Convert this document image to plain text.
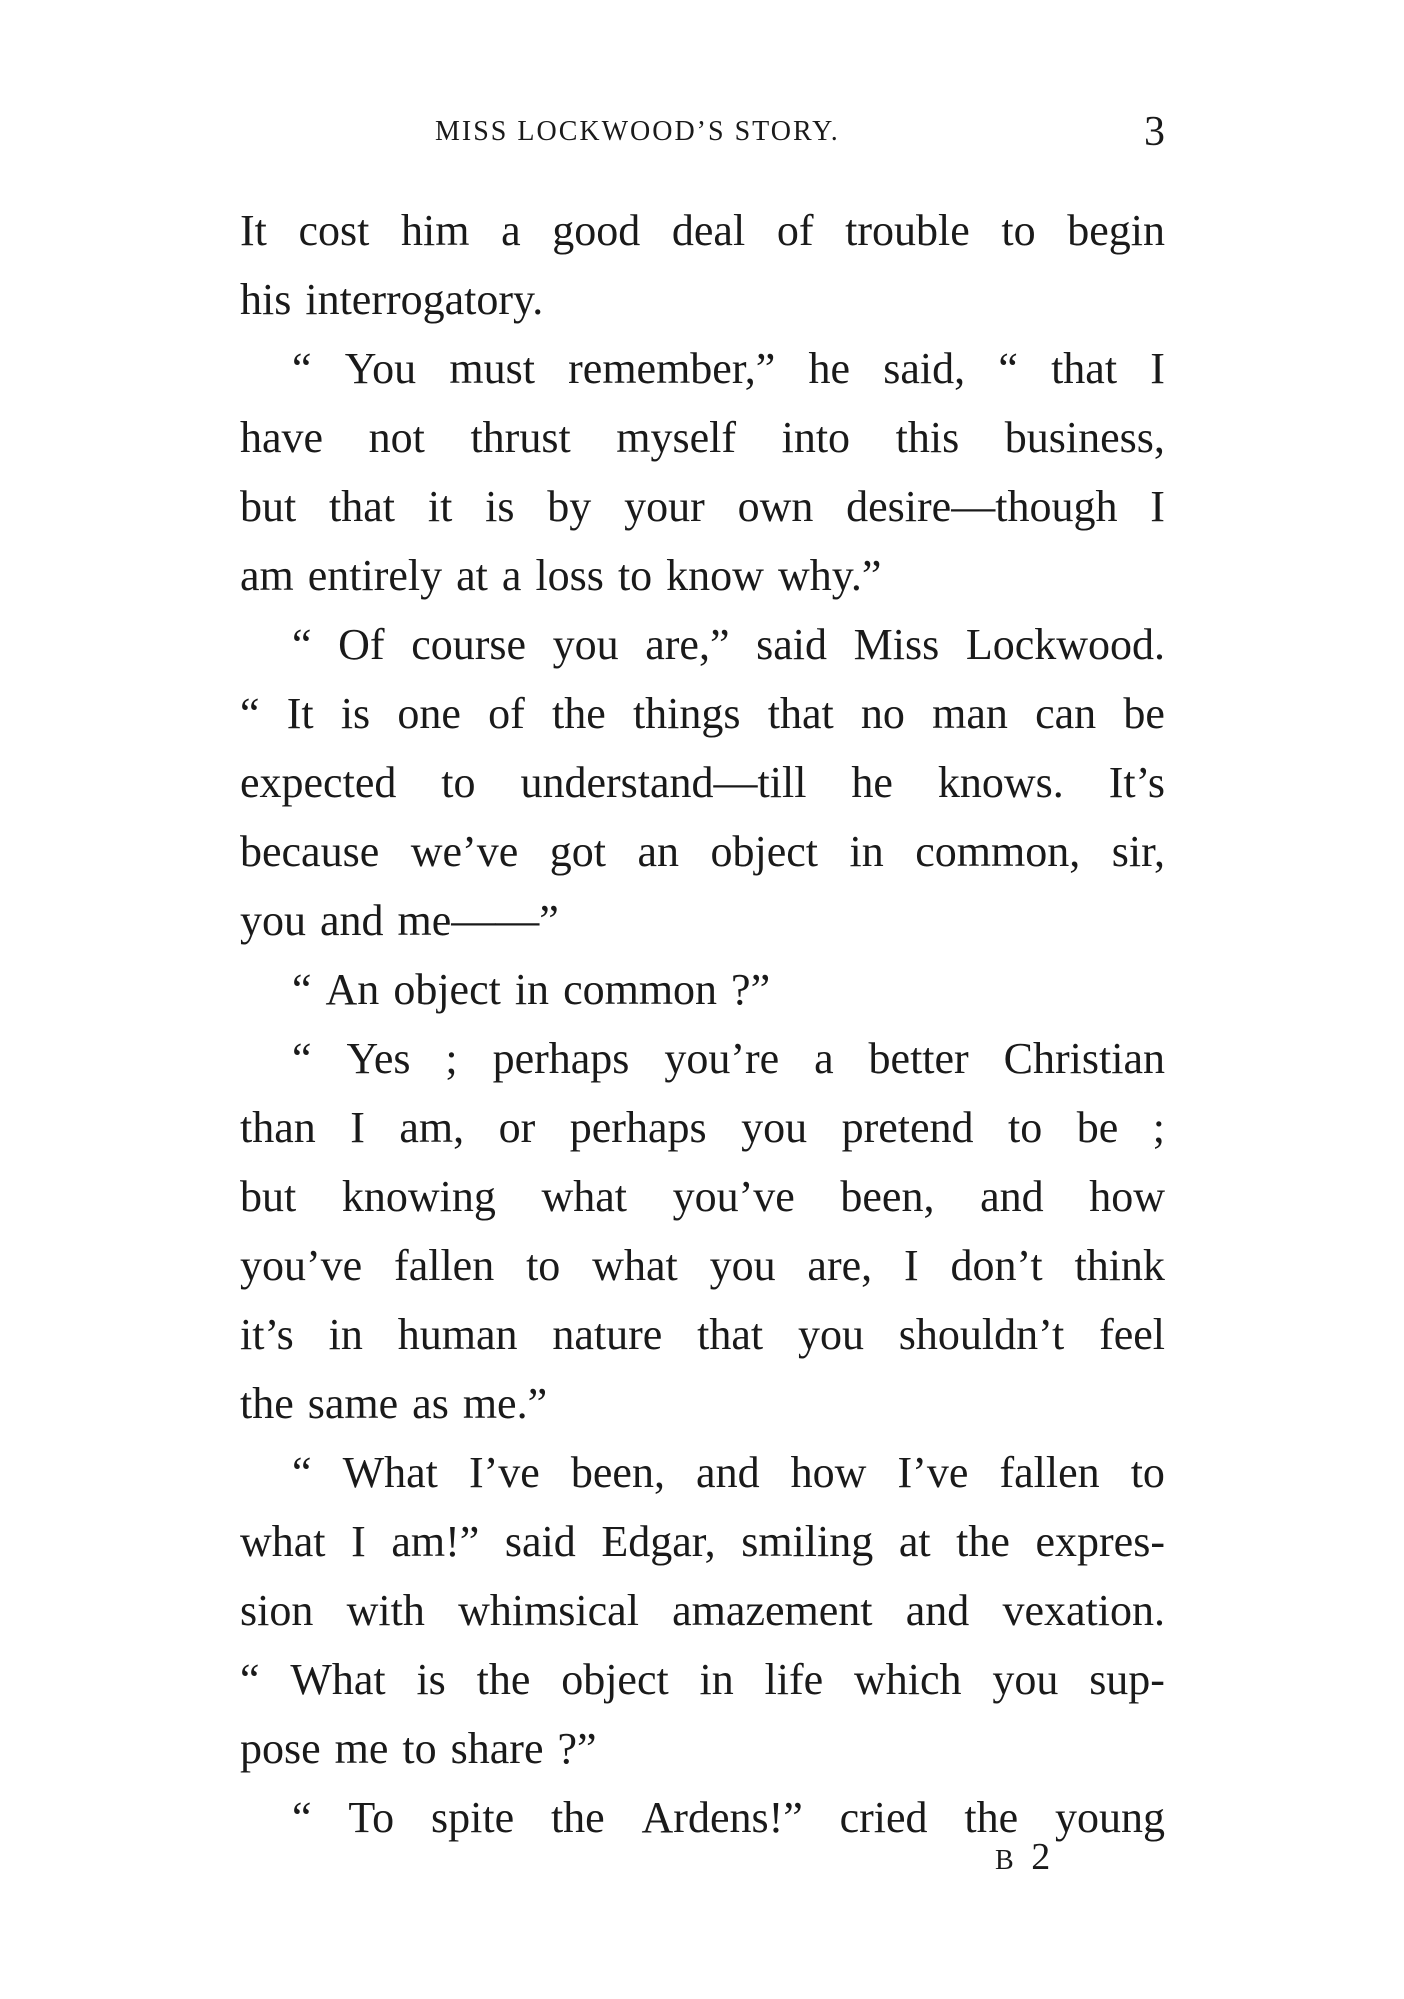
MISS LOCKWOOD’S STORY.	3
It cost him a good deal of trouble to begin
his interrogatory.
“ You must remember,” he said, “ that I
have not thrust myself into this business,
but that it is by your own desire—though I
am entirely at a loss to know why.”
“ Of course you are,” said Miss Lockwood.
“ It is one of the things that no man can be
expected to understand—till he knows. It’s
because we’ve got an object in common, sir,
you and me——”
“ An object in common ?”
“ Yes ; perhaps you’re a better Christian
than I am, or perhaps you pretend to be ;
but knowing what you’ve been, and how
you’ve fallen to what you are, I don’t think
it’s in human nature that you shouldn’t feel
the same as me.”
“ What I’ve been, and how I’ve fallen to
what I am!” said Edgar, smiling at the expres-
sion with whimsical amazement and vexation.
“ What is the object in life which you sup-
pose me to share ?”
“ To spite the Ardens!” cried the young
B 2
